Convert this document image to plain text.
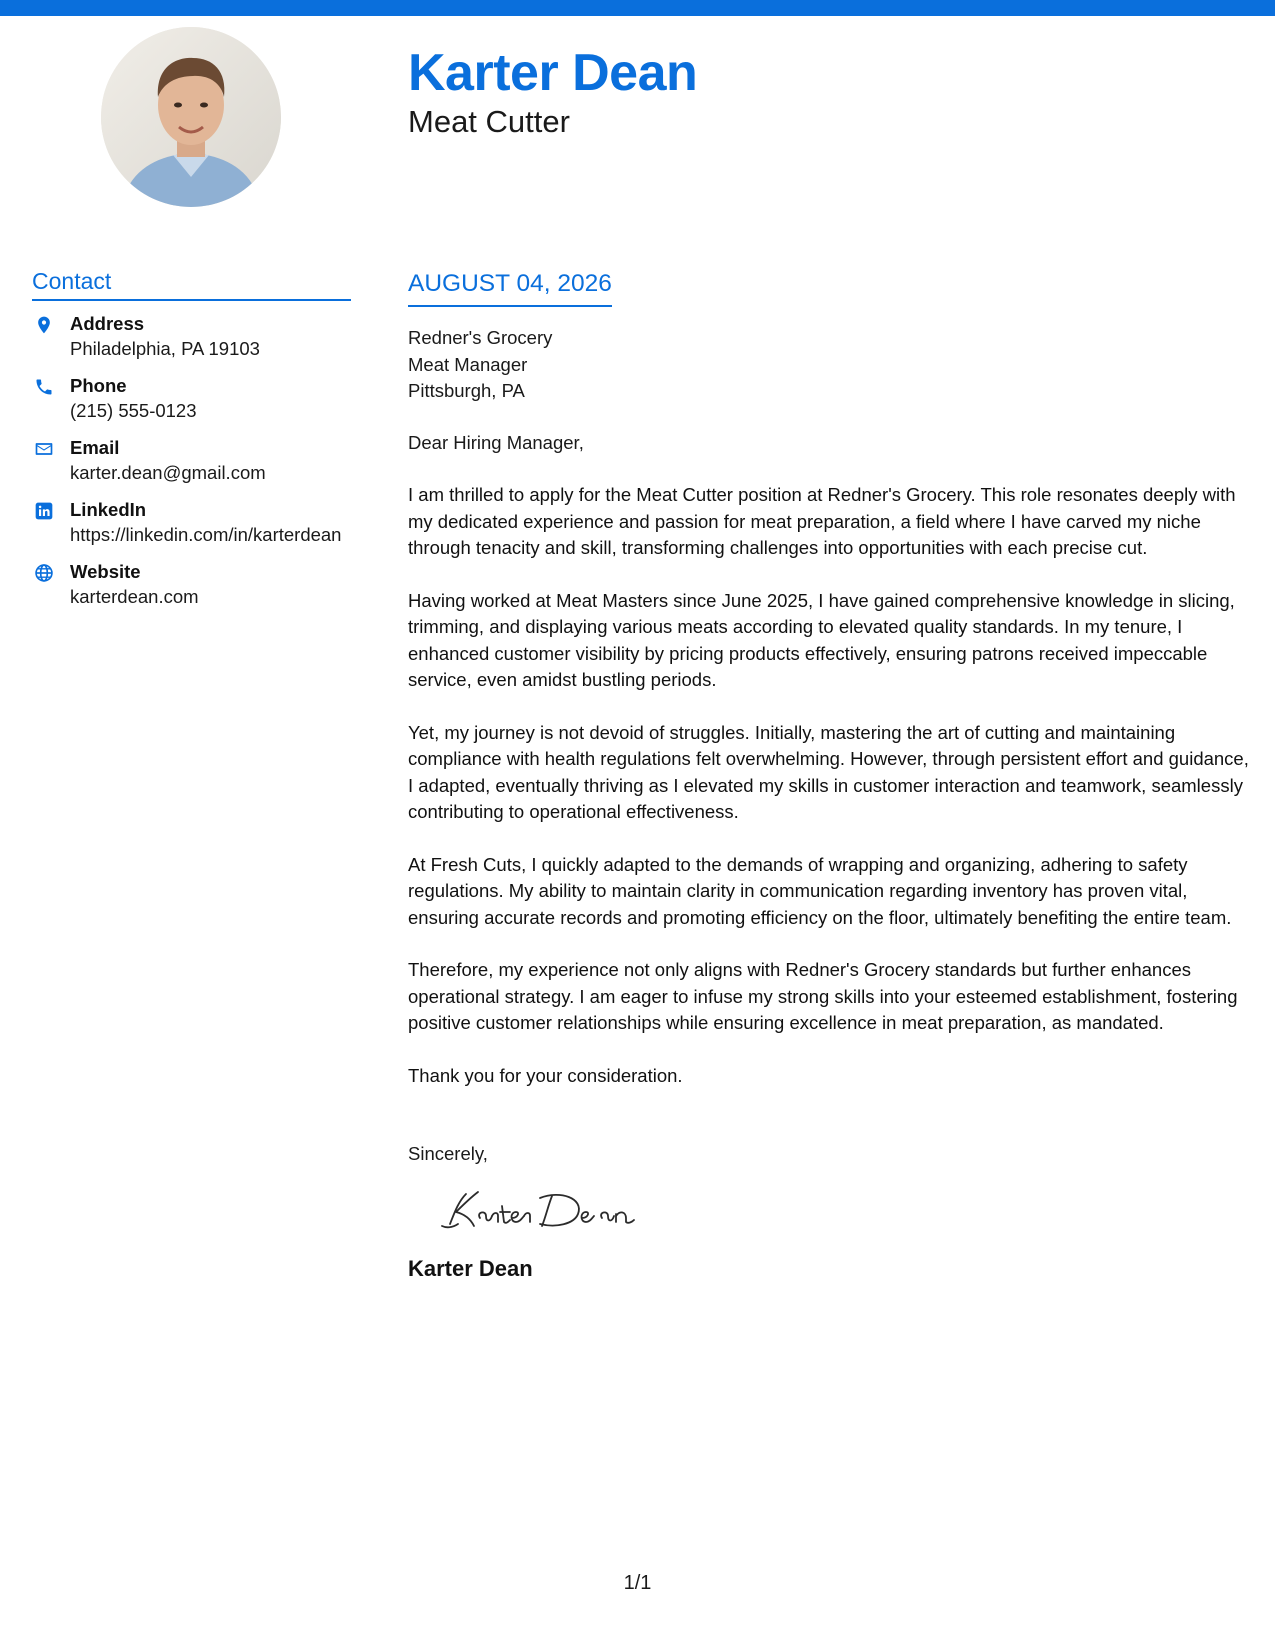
Karter Dean
Meat Cutter
Contact
Address
Philadelphia, PA 19103
Phone
(215) 555-0123
Email
karter.dean@gmail.com
LinkedIn
https://linkedin.com/in/karterdean
Website
karterdean.com
AUGUST 04, 2026
Redner's Grocery
Meat Manager
Pittsburgh, PA
Dear Hiring Manager,

I am thrilled to apply for the Meat Cutter position at Redner's Grocery. This role resonates deeply with my dedicated experience and passion for meat preparation, a field where I have carved my niche through tenacity and skill, transforming challenges into opportunities with each precise cut.

Having worked at Meat Masters since June 2025, I have gained comprehensive knowledge in slicing, trimming, and displaying various meats according to elevated quality standards. In my tenure, I enhanced customer visibility by pricing products effectively, ensuring patrons received impeccable service, even amidst bustling periods.

Yet, my journey is not devoid of struggles. Initially, mastering the art of cutting and maintaining compliance with health regulations felt overwhelming. However, through persistent effort and guidance, I adapted, eventually thriving as I elevated my skills in customer interaction and teamwork, seamlessly contributing to operational effectiveness.

At Fresh Cuts, I quickly adapted to the demands of wrapping and organizing, adhering to safety regulations. My ability to maintain clarity in communication regarding inventory has proven vital, ensuring accurate records and promoting efficiency on the floor, ultimately benefiting the entire team.

Therefore, my experience not only aligns with Redner's Grocery standards but further enhances operational strategy. I am eager to infuse my strong skills into your esteemed establishment, fostering positive customer relationships while ensuring excellence in meat preparation, as mandated.

Thank you for your consideration.

Sincerely,
Karter Dean
1/1
